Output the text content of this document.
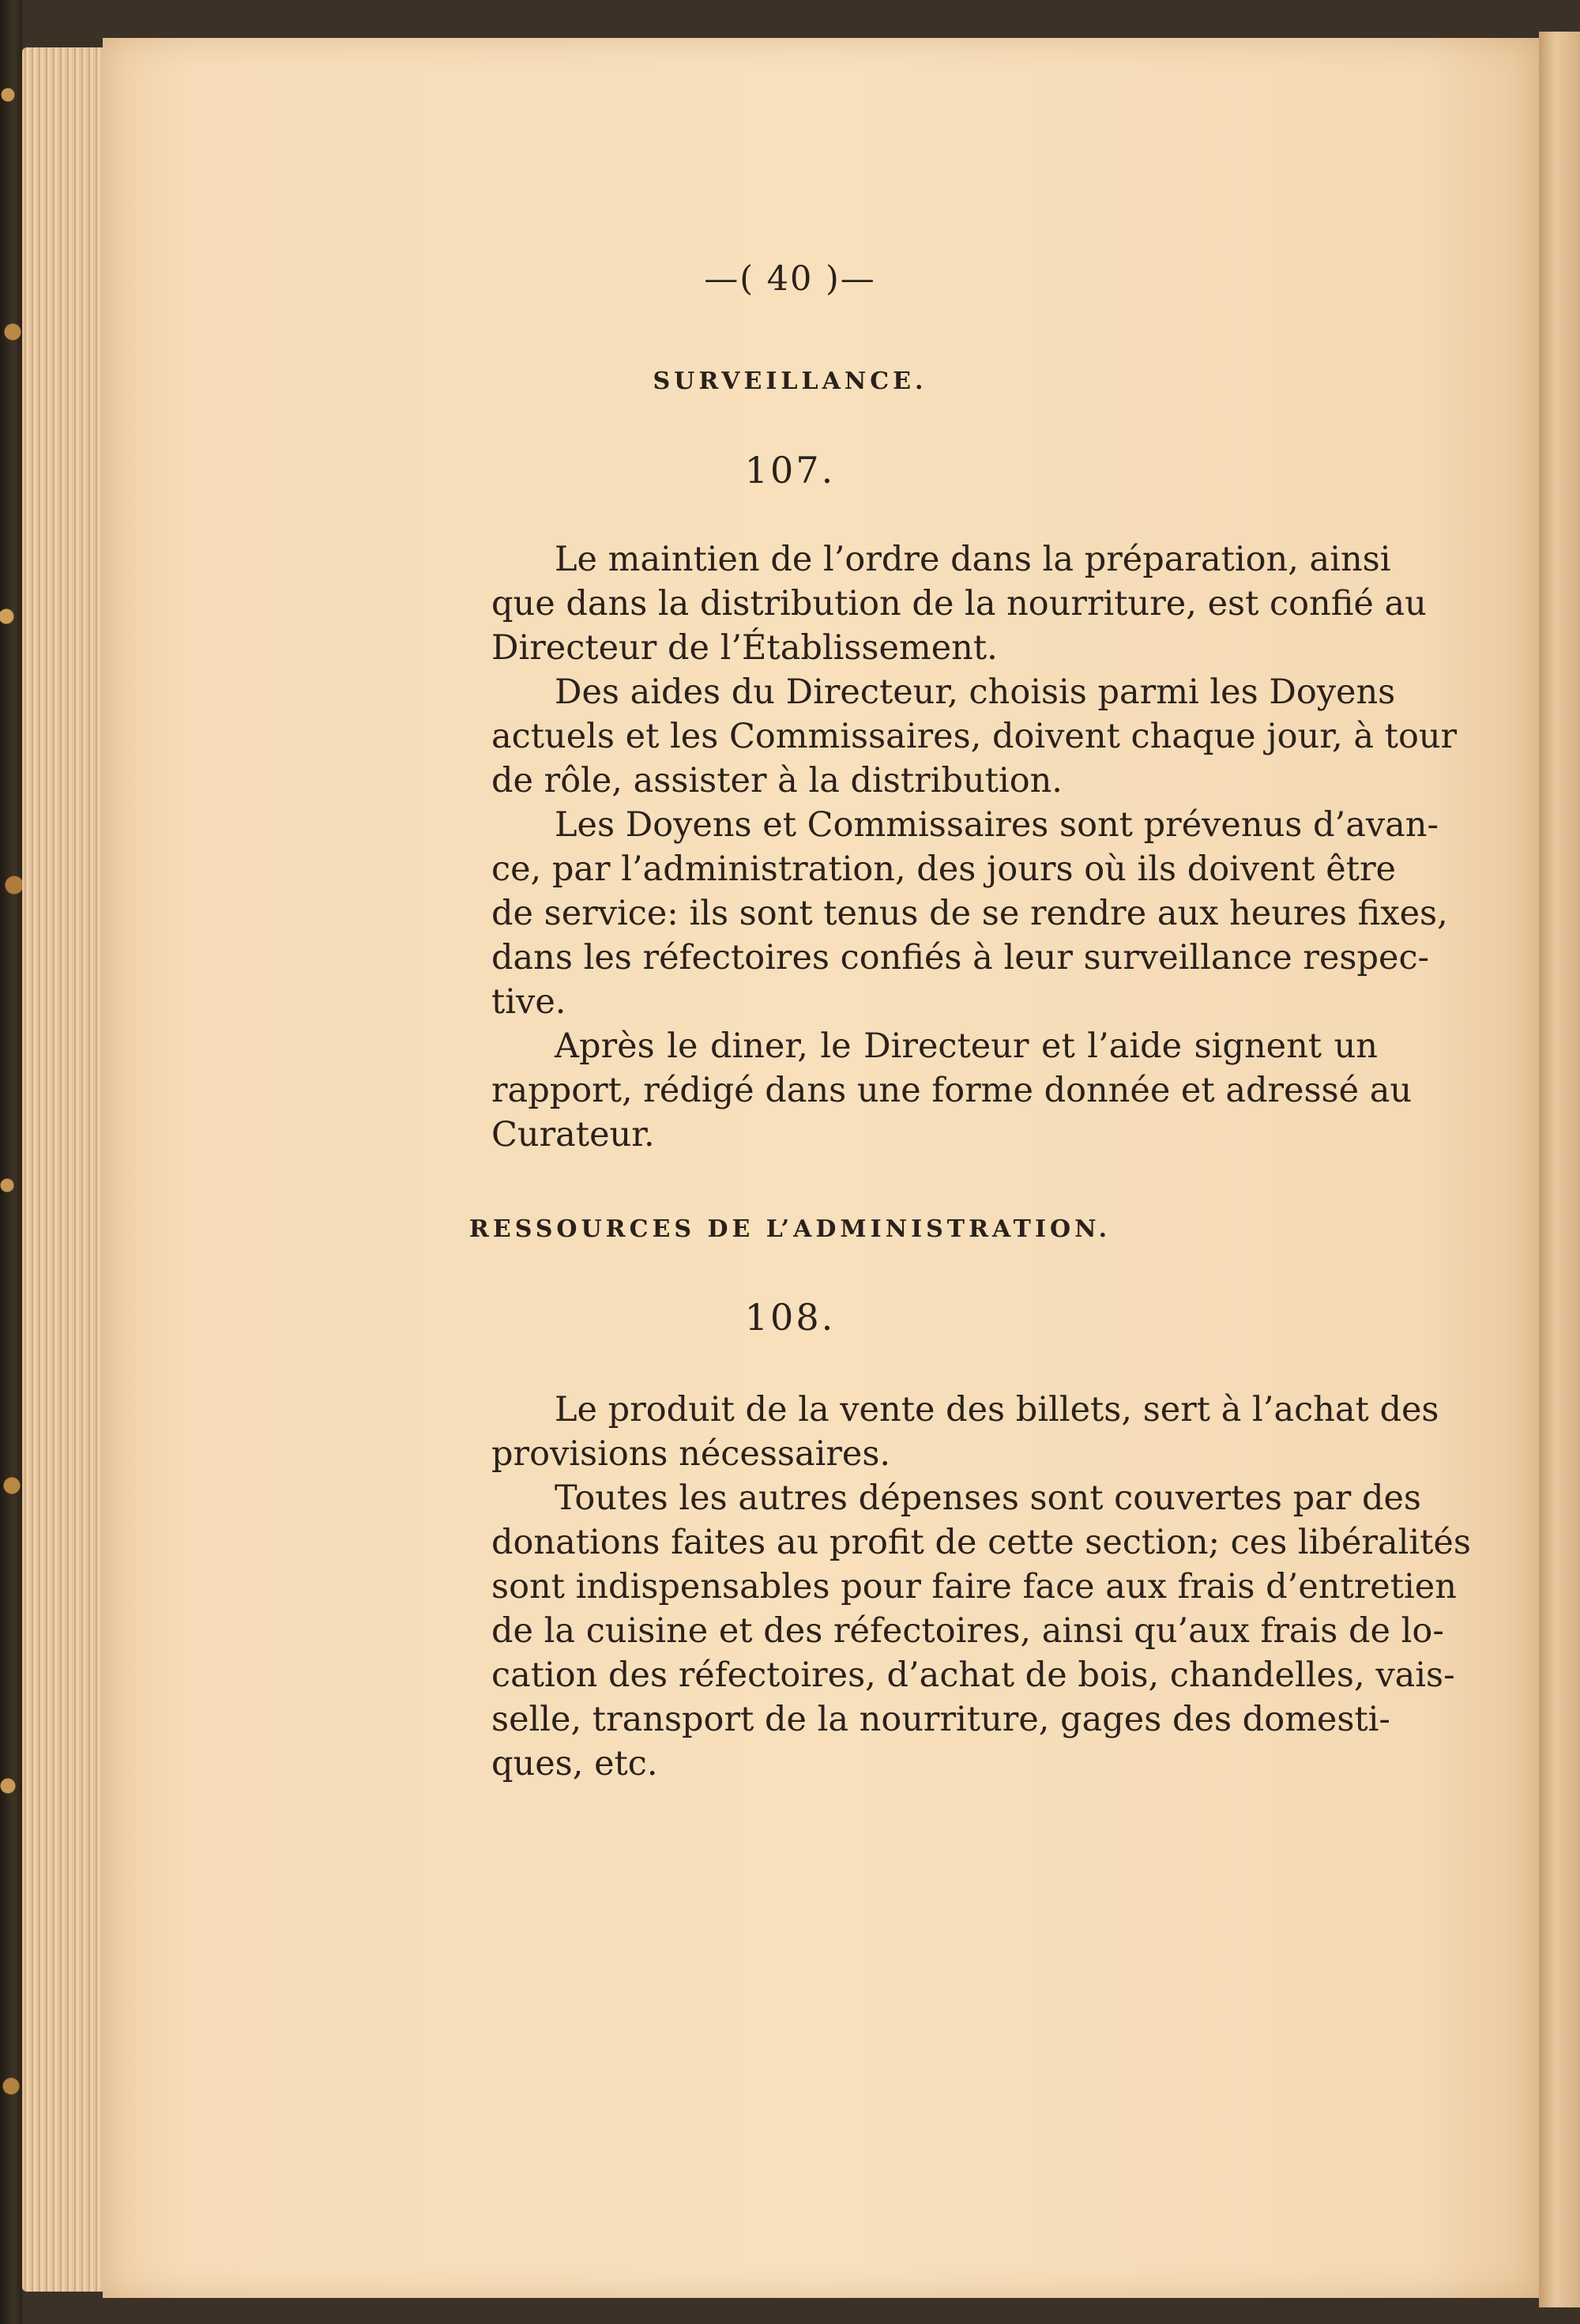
—( 40 )—
SURVEILLANCE.
107.
Le maintien de l’ordre dans la préparation, ainsi
que dans la distribution de la nourriture, est confié au
Directeur de l’Établissement.
Des aides du Directeur, choisis parmi les Doyens
actuels et les Commissaires, doivent chaque jour, à tour
de rôle, assister à la distribution.
Les Doyens et Commissaires sont prévenus d’avan-
ce, par l’administration, des jours où ils doivent être
de service: ils sont tenus de se rendre aux heures fixes,
dans les réfectoires confiés à leur surveillance respec-
tive.
Après le diner, le Directeur et l’aide signent un
rapport, rédigé dans une forme donnée et adressé au
Curateur.
RESSOURCES DE L’ADMINISTRATION.
108.
Le produit de la vente des billets, sert à l’achat des
provisions nécessaires.
Toutes les autres dépenses sont couvertes par des
donations faites au profit de cette section; ces libéralités
sont indispensables pour faire face aux frais d’entretien
de la cuisine et des réfectoires, ainsi qu’aux frais de lo-
cation des réfectoires, d’achat de bois, chandelles, vais-
selle, transport de la nourriture, gages des domesti-
ques, etc.
